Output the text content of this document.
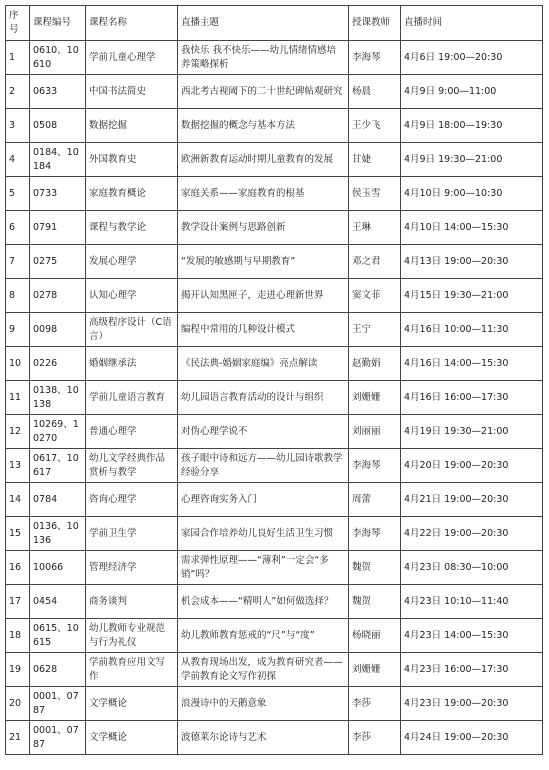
序号	课程编号	课程名称	直播主题	授课教师	直播时间
1	0610、10610	学前儿童心理学	我快乐 我不快乐——幼儿情绪情感培养策略探析	李海琴	4月6日 19:00—20:30
2	0633	中国书法简史	西北考古视阈下的二十世纪碑帖观研究	杨晨	4月9日 9:00—11:00
3	0508	数据挖掘	数据挖掘的概念与基本方法	王少飞	4月9日 18:00—19:30
4	0184、10184	外国教育史	欧洲新教育运动时期儿童教育的发展	甘婕	4月9日 19:30—21:00
5	0733	家庭教育概论	家庭关系——家庭教育的根基	侯玉雪	4月10日 9:00—10:30
6	0791	课程与教学论	教学设计案例与思路创新	王琳	4月10日 14:00—15:30
7	0275	发展心理学	“发展的敏感期与早期教育”	邓之君	4月13日 19:00—20:30
8	0278	认知心理学	揭开认知黑匣子，走进心理新世界	窦文菲	4月15日 19:30—21:00
9	0098	高级程序设计（C语言）	编程中常用的几种设计模式	王宁	4月16日 10:00—11:30
10	0226	婚姻继承法	《民法典-婚姻家庭编》亮点解读	赵勤娟	4月16日 14:00—15:30
11	0138、10138	学前儿童语言教育	幼儿园语言教育活动的设计与组织	刘姗姗	4月16日 16:00—17:30
12	10269、10270	普通心理学	对伪心理学说不	刘丽丽	4月19日 19:30—21:00
13	0617、10617	幼儿文学经典作品赏析与教学	孩子眼中诗和远方——幼儿园诗歌教学经验分享	李海琴	4月20日 19:00—20:30
14	0784	咨询心理学	心理咨询实务入门	周蕾	4月21日 19:00—20:30
15	0136、10136	学前卫生学	家园合作培养幼儿良好生活卫生习惯	李海琴	4月22日 19:00—20:30
16	10066	管理经济学	需求弹性原理——“薄利”一定会“多销”吗？	魏贺	4月23日 08:30—10:00
17	0454	商务谈判	机会成本——“精明人”如何做选择？	魏贺	4月23日 10:10—11:40
18	0615、10615	幼儿教师专业规范与行为礼仪	幼儿教师教育惩戒的“尺”与“度”	杨晓丽	4月23日 14:00—15:30
19	0628	学前教育应用文写作	从教育现场出发，成为教育研究者——学前教育论文写作初探	刘姗姗	4月23日 16:00—17:30
20	0001、0787	文学概论	浪漫诗中的天鹅意象	李莎	4月23日 19:00—20:30
21	0001、0787	文学概论	波德莱尔论诗与艺术	李莎	4月24日 19:00—20:30
